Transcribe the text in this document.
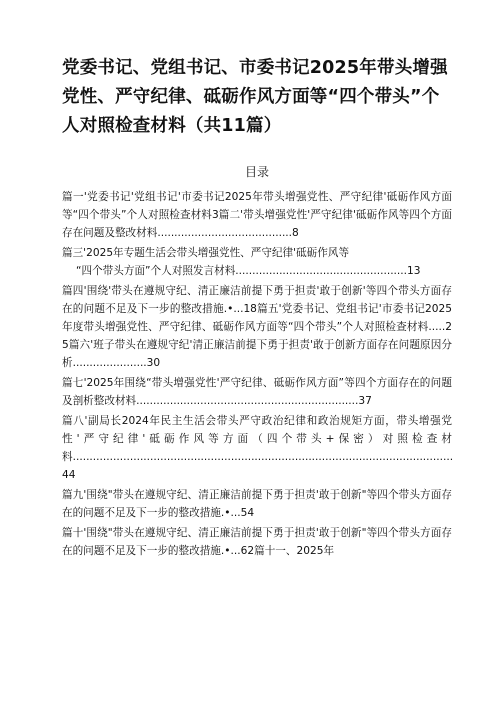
党委书记、党组书记、市委书记2025年带头增强党性、严守纪律、砥砺作风方面等“四个带头”个人对照检查材料（共11篇）
目录

篇一'党委书记'党组书记'市委书记2025年带头增强党性、严守纪律'砥砺作风方面等“四个带头”个人对照检查材料3篇二'带头增强党性'严守纪律'砥砺作风等四个方面存在问题及整改材料........................................8

篇三'2025年专题生活会带头增强党性、严守纪律'砥砺作风等

“四个带头方面”个人对照发言材料...................................................13

篇四'围绕'带头在遵规守纪、清正廉洁前提下勇于担责'敢于创新'等四个带头方面存在的问题不足及下一步的整改措施.•...18篇五'党委书记、党组书记'市委书记2025年度带头增强党性、严守纪律、砥砺作风方面等“四个带头”个人对照检查材料.....25篇六'班子带头在遵规守纪'清正廉洁前提下勇于担责'敢于创新方面存在问题原因分析......................30

篇七'2025年围绕“带头增强党性'严守纪律、砥砺作风方面”等四个方面存在的问题及剖析整改材料..................................................................37

篇八'副局长2024年民主生活会带头严守政治纪律和政治规矩方面，带头增强党性'严守纪律'砥砺作风等方面（四个带头+保密）对照检查材料.................................................................................................................44

篇九'围绕"带头在遵规守纪、清正廉洁前提下勇于担责'敢于创新"等四个带头方面存在的问题不足及下一步的整改措施.•...54

篇十'围绕"带头在遵规守纪、清正廉洁前提下勇于担责'敢于创新"等四个带头方面存在的问题不足及下一步的整改措施.•...62篇十一、2025年
